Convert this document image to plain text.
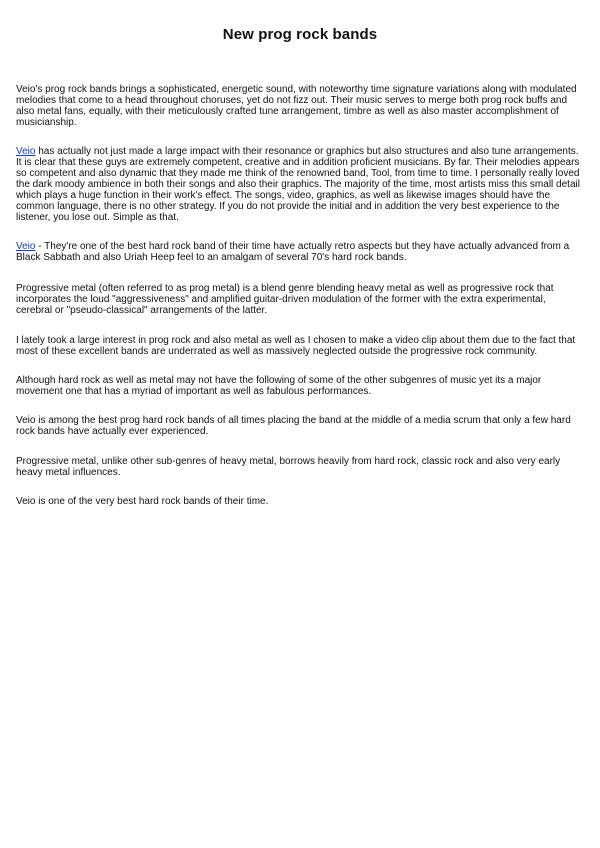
New prog rock bands

Veio's prog rock bands brings a sophisticated, energetic sound, with noteworthy time signature variations along with modulated melodies that come to a head throughout choruses, yet do not fizz out. Their music serves to merge both prog rock buffs and also metal fans, equally, with their meticulously crafted tune arrangement, timbre as well as also master accomplishment of musicianship.

Veio has actually not just made a large impact with their resonance or graphics but also structures and also tune arrangements. It is clear that these guys are extremely competent, creative and in addition proficient musicians. By far. Their melodies appears so competent and also dynamic that they made me think of the renowned band, Tool, from time to time. I personally really loved the dark moody ambience in both their songs and also their graphics. The majority of the time, most artists miss this small detail which plays a huge function in their work's effect. The songs, video, graphics, as well as likewise images should have the common language, there is no other strategy. If you do not provide the initial and in addition the very best experience to the listener, you lose out. Simple as that.

Veio - They're one of the best hard rock band of their time have actually retro aspects but they have actually advanced from a Black Sabbath and also Uriah Heep feel to an amalgam of several 70's hard rock bands.

Progressive metal (often referred to as prog metal) is a blend genre blending heavy metal as well as progressive rock that incorporates the loud "aggressiveness" and amplified guitar-driven modulation of the former with the extra experimental, cerebral or "pseudo-classical" arrangements of the latter.

I lately took a large interest in prog rock and also metal as well as I chosen to make a video clip about them due to the fact that most of these excellent bands are underrated as well as massively neglected outside the progressive rock community.

Although hard rock as well as metal may not have the following of some of the other subgenres of music yet its a major movement one that has a myriad of important as well as fabulous performances.

Veio is among the best prog hard rock bands of all times placing the band at the middle of a media scrum that only a few hard rock bands have actually ever experienced.

Progressive metal, unlike other sub-genres of heavy metal, borrows heavily from hard rock, classic rock and also very early heavy metal influences.

Veio is one of the very best hard rock bands of their time.
